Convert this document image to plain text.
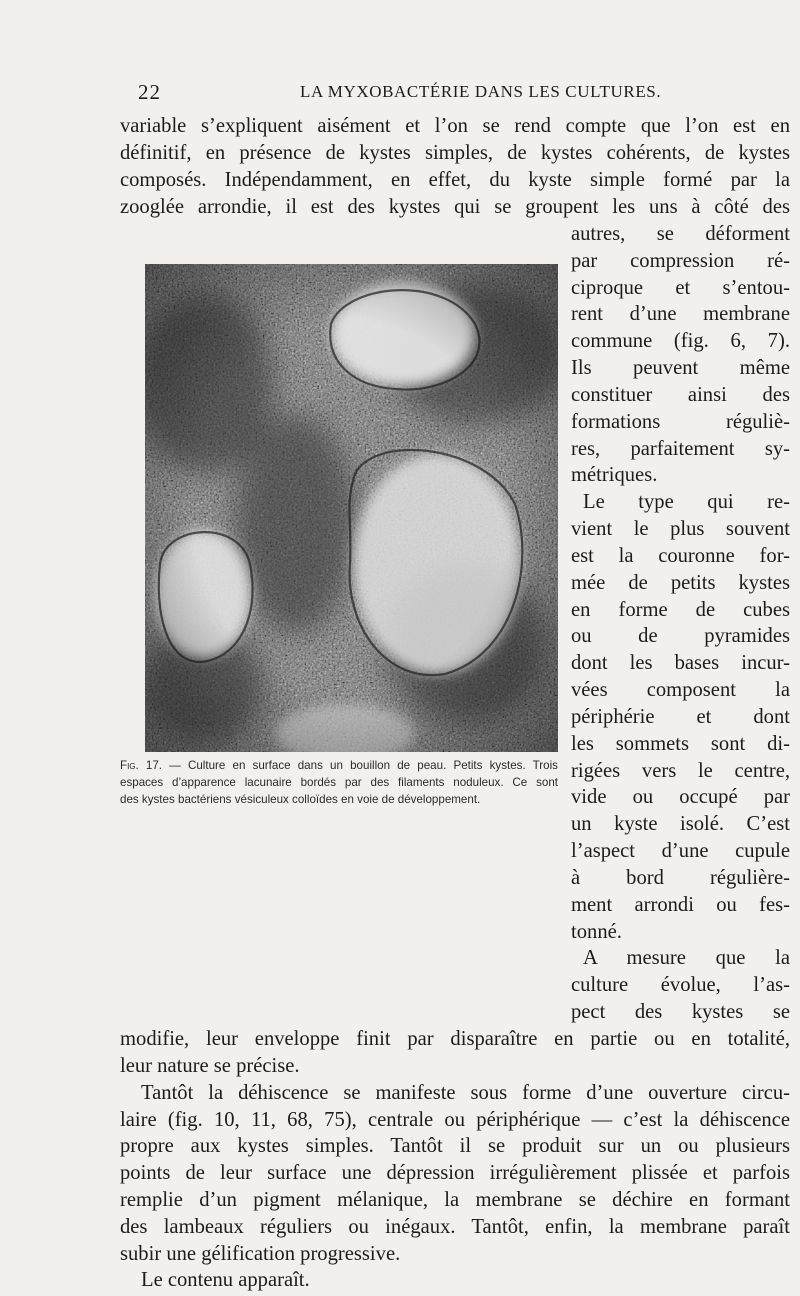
22	LA MYXOBACTÉRIE DANS LES CULTURES.
variable s’expliquent aisément et l’on se rend compte que l’on est en
définitif, en présence de kystes simples, de kystes cohérents, de kystes
composés. Indépendamment, en effet, du kyste simple formé par la
zooglée arrondie, il est des kystes qui se groupent les uns à côté des
autres, se déforment
par compression ré-
ciproque et s’entou-
rent d’une membrane
commune (fig. 6, 7).
Ils peuvent même
constituer ainsi des
formations réguliè-
res, parfaitement sy-
métriques.
Le type qui re-
vient le plus souvent
est la couronne for-
mée de petits kystes
en forme de cubes
ou de pyramides
dont les bases incur-
vées composent la
périphérie et dont
les sommets sont di-
rigées vers le centre,
vide ou occupé par
un kyste isolé. C’est
l’aspect d’une cupule
à bord régulière-
ment arrondi ou fes-
tonné.
A mesure que la
culture évolue, l’as-
pect des kystes se
Fig. 17. — Culture en surface dans un bouillon de peau. Petits kystes. Trois
espaces d’apparence lacunaire bordés par des filaments noduleux. Ce sont
des kystes bactériens vésiculeux colloïdes en voie de développement.
modifie, leur enveloppe finit par disparaître en partie ou en totalité,
leur nature se précise.
Tantôt la déhiscence se manifeste sous forme d’une ouverture circu-
laire (fig. 10, 11, 68, 75), centrale ou périphérique — c’est la déhiscence
propre aux kystes simples. Tantôt il se produit sur un ou plusieurs
points de leur surface une dépression irrégulièrement plissée et parfois
remplie d’un pigment mélanique, la membrane se déchire en formant
des lambeaux réguliers ou inégaux. Tantôt, enfin, la membrane paraît
subir une gélification progressive.
Le contenu apparaît.
